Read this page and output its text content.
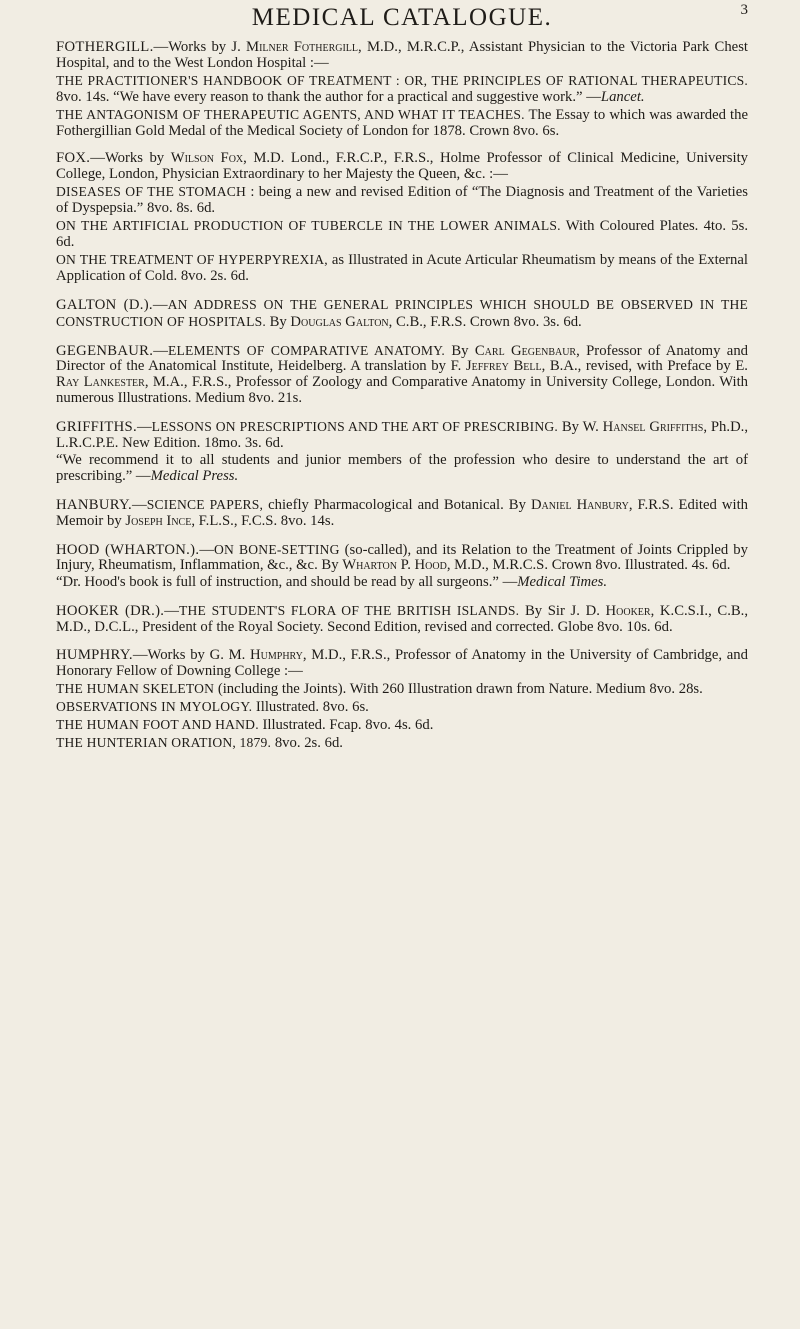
MEDICAL CATALOGUE.	3

FOTHERGILL.—Works by J. Milner Fothergill, M.D., M.R.C.P., Assistant Physician to the Victoria Park Chest Hospital, and to the West London Hospital :—

THE PRACTITIONER'S HANDBOOK OF TREATMENT : OR, THE PRINCIPLES OF RATIONAL THERAPEUTICS. 8vo. 14s. “We have every reason to thank the author for a practical and suggestive work.” —Lancet.

THE ANTAGONISM OF THERAPEUTIC AGENTS, AND WHAT IT TEACHES. The Essay to which was awarded the Fothergillian Gold Medal of the Medical Society of London for 1878. Crown 8vo. 6s.

FOX.—Works by Wilson Fox, M.D. Lond., F.R.C.P., F.R.S., Holme Professor of Clinical Medicine, University College, London, Physician Extraordinary to her Majesty the Queen, &c. :—

DISEASES OF THE STOMACH : being a new and revised Edition of “The Diagnosis and Treatment of the Varieties of Dyspepsia.” 8vo. 8s. 6d.

ON THE ARTIFICIAL PRODUCTION OF TUBERCLE IN THE LOWER ANIMALS. With Coloured Plates. 4to. 5s. 6d.

ON THE TREATMENT OF HYPERPYREXIA, as Illustrated in Acute Articular Rheumatism by means of the External Application of Cold. 8vo. 2s. 6d.

GALTON (D.).—AN ADDRESS ON THE GENERAL PRINCIPLES WHICH SHOULD BE OBSERVED IN THE CONSTRUCTION OF HOSPITALS. By Douglas Galton, C.B., F.R.S. Crown 8vo. 3s. 6d.

GEGENBAUR.—ELEMENTS OF COMPARATIVE ANATOMY. By Carl Gegenbaur, Professor of Anatomy and Director of the Anatomical Institute, Heidelberg. A translation by F. Jeffrey Bell, B.A., revised, with Preface by E. Ray Lankester, M.A., F.R.S., Professor of Zoology and Comparative Anatomy in University College, London. With numerous Illustrations. Medium 8vo. 21s.

GRIFFITHS.—LESSONS ON PRESCRIPTIONS AND THE ART OF PRESCRIBING. By W. Hansel Griffiths, Ph.D., L.R.C.P.E. New Edition. 18mo. 3s. 6d.

“We recommend it to all students and junior members of the profession who desire to understand the art of prescribing.” —Medical Press.

HANBURY.—SCIENCE PAPERS, chiefly Pharmacological and Botanical. By Daniel Hanbury, F.R.S. Edited with Memoir by Joseph Ince, F.L.S., F.C.S. 8vo. 14s.

HOOD (WHARTON.).—ON BONE-SETTING (so-called), and its Relation to the Treatment of Joints Crippled by Injury, Rheumatism, Inflammation, &c., &c. By Wharton P. Hood, M.D., M.R.C.S. Crown 8vo. Illustrated. 4s. 6d.

“Dr. Hood's book is full of instruction, and should be read by all surgeons.” —Medical Times.

HOOKER (DR.).—THE STUDENT'S FLORA OF THE BRITISH ISLANDS. By Sir J. D. Hooker, K.C.S.I., C.B., M.D., D.C.L., President of the Royal Society. Second Edition, revised and corrected. Globe 8vo. 10s. 6d.

HUMPHRY.—Works by G. M. Humphry, M.D., F.R.S., Professor of Anatomy in the University of Cambridge, and Honorary Fellow of Downing College :—

THE HUMAN SKELETON (including the Joints). With 260 Illustration drawn from Nature. Medium 8vo. 28s.

OBSERVATIONS IN MYOLOGY. Illustrated. 8vo. 6s.

THE HUMAN FOOT AND HAND. Illustrated. Fcap. 8vo. 4s. 6d.

THE HUNTERIAN ORATION, 1879. 8vo. 2s. 6d.
